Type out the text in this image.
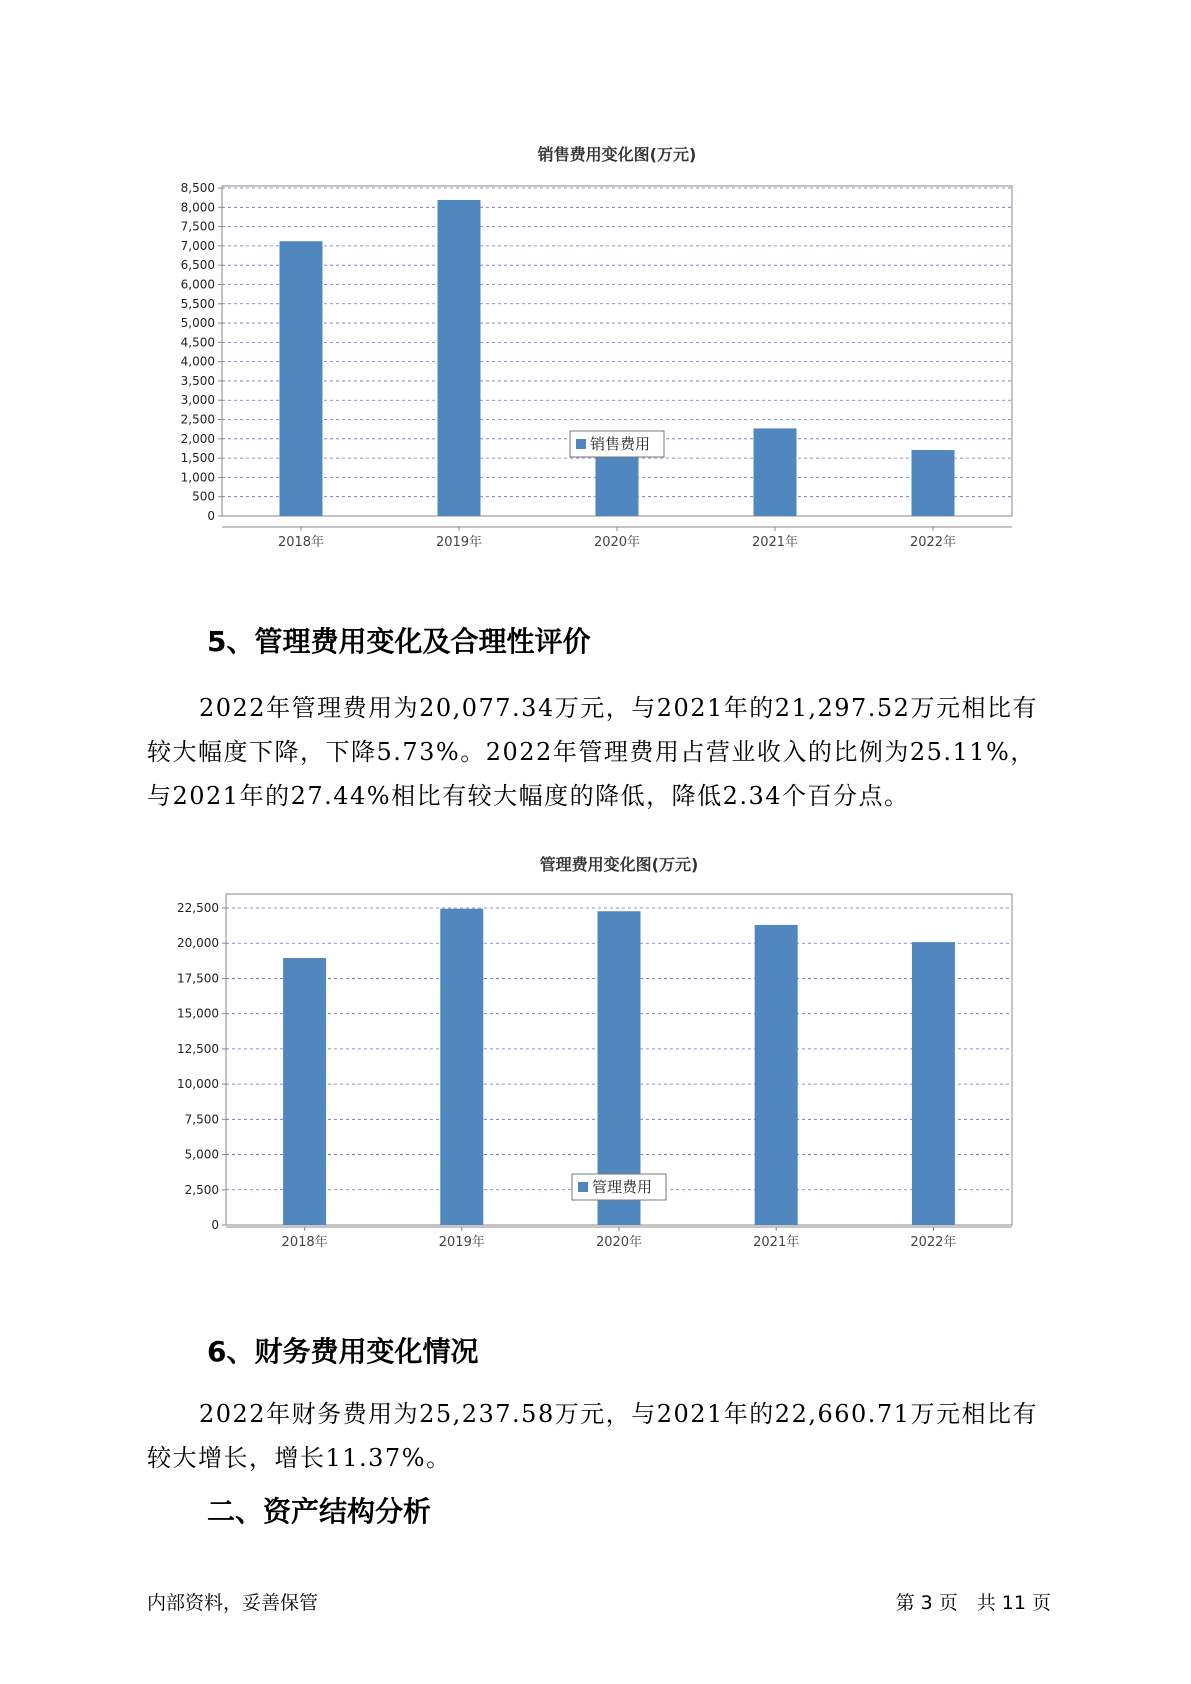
销售费用变化图(万元)
0
500
1,000
1,500
2,000
2,500
3,000
3,500
4,000
4,500
5,000
5,500
6,000
6,500
7,000
7,500
8,000
8,500
2018年	2019年	2020年	2021年	2022年
销售费用
5、管理费用变化及合理性评价

2022年管理费用为20,077.34万元，与2021年的21,297.52万元相比有较大幅度下降，下降5.73%。2022年管理费用占营业收入的比例为25.11%，与2021年的27.44%相比有较大幅度的降低，降低2.34个百分点。

管理费用变化图(万元)
0
2,500
5,000
7,500
10,000
12,500
15,000
17,500
20,000
22,500
2018年	2019年	2020年	2021年	2022年
管理费用
6、财务费用变化情况

2022年财务费用为25,237.58万元，与2021年的22,660.71万元相比有较大增长，增长11.37%。

二、资产结构分析
内部资料，妥善保管	第 3 页　共 11 页
